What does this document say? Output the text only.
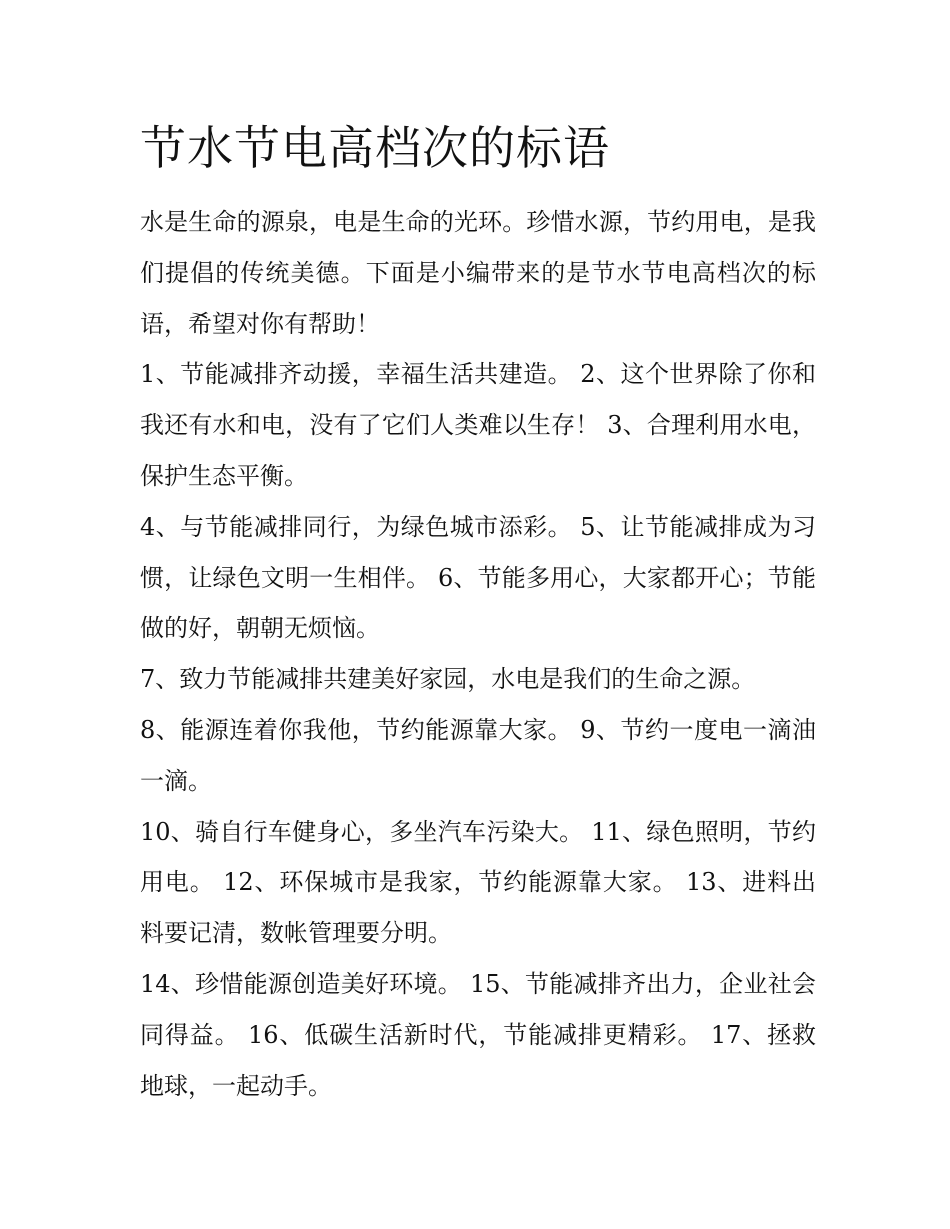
节水节电高档次的标语

水是生命的源泉，电是生命的光环。珍惜水源，节约用电，是我们提倡的传统美德。下面是小编带来的是节水节电高档次的标语，希望对你有帮助！

1、节能减排齐动援，幸福生活共建造。 2、这个世界除了你和我还有水和电，没有了它们人类难以生存！ 3、合理利用水电，保护生态平衡。

4、与节能减排同行，为绿色城市添彩。 5、让节能减排成为习惯，让绿色文明一生相伴。 6、节能多用心，大家都开心；节能做的好，朝朝无烦恼。

7、致力节能减排共建美好家园，水电是我们的生命之源。

8、能源连着你我他，节约能源靠大家。 9、节约一度电一滴油一滴。

10、骑自行车健身心，多坐汽车污染大。 11、绿色照明，节约用电。 12、环保城市是我家，节约能源靠大家。 13、进料出料要记清，数帐管理要分明。

14、珍惜能源创造美好环境。 15、节能减排齐出力，企业社会同得益。 16、低碳生活新时代，节能减排更精彩。 17、拯救地球，一起动手。
